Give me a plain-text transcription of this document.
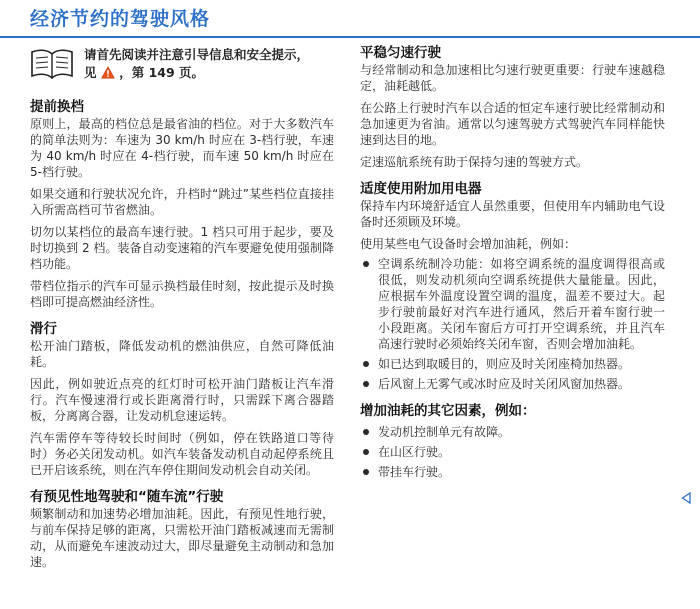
经济节约的驾驶风格
请首先阅读并注意引导信息和安全提示，
见 ，第 149 页。
提前换档

原则上，最高的档位总是最省油的档位。对于大多数汽车的简单法则为：车速为 30 km/h 时应在 3-档行驶，车速为 40 km/h 时应在 4-档行驶，而车速 50 km/h 时应在 5-档行驶。

如果交通和行驶状况允许，升档时“跳过”某些档位直接挂入所需高档可节省燃油。

切勿以某档位的最高车速行驶。1 档只可用于起步，要及时切换到 2 档。装备自动变速箱的汽车要避免使用强制降档功能。

带档位指示的汽车可显示换档最佳时刻，按此提示及时换档即可提高燃油经济性。

滑行

松开油门踏板，降低发动机的燃油供应，自然可降低油耗。

因此，例如驶近点亮的红灯时可松开油门踏板让汽车滑行。汽车慢速滑行或长距离滑行时，只需踩下离合器踏板，分离离合器，让发动机怠速运转。

汽车需停车等待较长时间时（例如，停在铁路道口等待时）务必关闭发动机。如汽车装备发动机自动起停系统且已开启该系统，则在汽车停住期间发动机会自动关闭。

有预见性地驾驶和“随车流”行驶

频繁制动和加速势必增加油耗。因此，有预见性地行驶，与前车保持足够的距离，只需松开油门踏板减速而无需制动，从而避免车速波动过大，即尽量避免主动制动和急加速。

平稳匀速行驶

与经常制动和急加速相比匀速行驶更重要：行驶车速越稳定，油耗越低。

在公路上行驶时汽车以合适的恒定车速行驶比经常制动和急加速更为省油。通常以匀速驾驶方式驾驶汽车同样能快速到达目的地。

定速巡航系统有助于保持匀速的驾驶方式。

适度使用附加用电器

保持车内环境舒适宜人虽然重要，但使用车内辅助电气设备时还须顾及环境。

使用某些电气设备时会增加油耗，例如：

空调系统制冷功能：如将空调系统的温度调得很高或很低，则发动机须向空调系统提供大量能量。因此，应根据车外温度设置空调的温度，温差不要过大。起步行驶前最好对汽车进行通风，然后开着车窗行驶一小段距离。关闭车窗后方可打开空调系统，并且汽车高速行驶时必须始终关闭车窗，否则会增加油耗。
如已达到取暖目的，则应及时关闭座椅加热器。
后风窗上无雾气或冰时应及时关闭风窗加热器。
增加油耗的其它因素，例如：
发动机控制单元有故障。
在山区行驶。
带挂车行驶。
